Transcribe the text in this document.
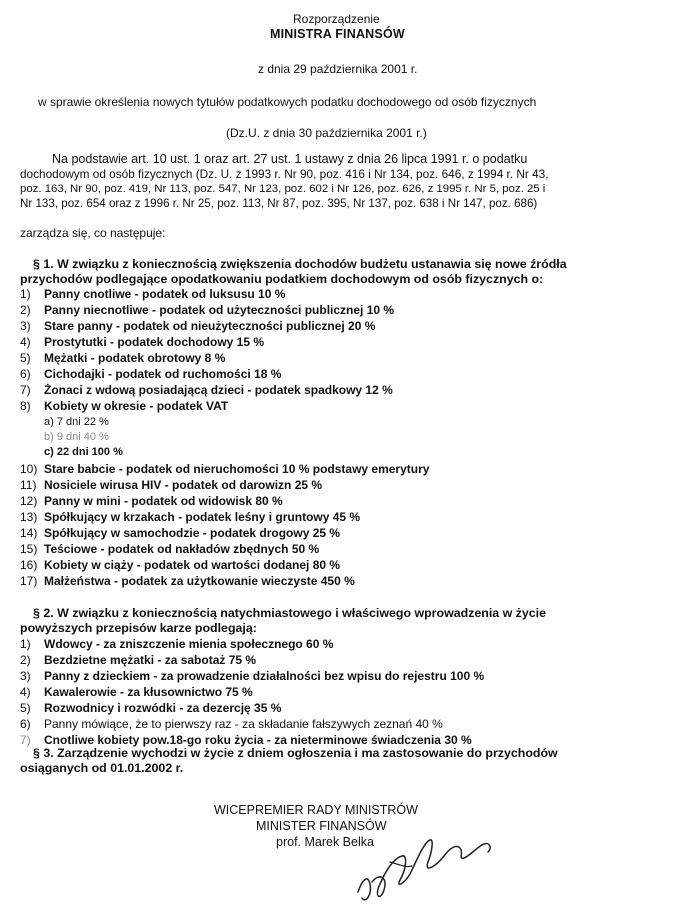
Rozporządzenie
MINISTRA FINANSÓW
z dnia 29 października 2001 r.
w sprawie określenia nowych tytułów podatkowych podatku dochodowego od osób fizycznych
(Dz.U. z dnia 30 października 2001 r.)
Na podstawie art. 10 ust. 1 oraz art. 27 ust. 1 ustawy z dnia 26 lipca 1991 r. o podatku
dochodowym od osób fizycznych (Dz. U. z 1993 r. Nr 90, poz. 416 i Nr 134, poz. 646, z 1994 r. Nr 43,
poz. 163, Nr 90, poz. 419, Nr 113, poz. 547, Nr 123, poz. 602 i Nr 126, poz. 626, z 1995 r. Nr 5, poz. 25 i
Nr 133, poz. 654 oraz z 1996 r. Nr 25, poz. 113, Nr 87, poz. 395, Nr 137, poz. 638 i Nr 147, poz. 686)
zarządza się, co następuje:
§ 1. W związku z koniecznością zwiększenia dochodów budżetu ustanawia się nowe źródła
przychodów podlegające opodatkowaniu podatkiem dochodowym od osób fizycznych o:
1) Panny cnotliwe - podatek od luksusu 10 %
2) Panny niecnotliwe - podatek od użyteczności publicznej 10 %
3) Stare panny - podatek od nieużyteczności publicznej 20 %
4) Prostytutki - podatek dochodowy 15 %
5) Mężatki - podatek obrotowy 8 %
6) Cichodajki - podatek od ruchomości 18 %
7) Żonaci z wdową posiadającą dzieci - podatek spadkowy 12 %
8) Kobiety w okresie - podatek VAT
a) 7 dni 22 %
b) 9 dni 40 %
c) 22 dni 100 %
10) Stare babcie - podatek od nieruchomości 10 % podstawy emerytury
11) Nosiciele wirusa HIV - podatek od darowizn 25 %
12) Panny w mini - podatek od widowisk 80 %
13) Spółkujący w krzakach - podatek leśny i gruntowy 45 %
14) Spółkujący w samochodzie - podatek drogowy 25 %
15) Teściowe - podatek od nakładów zbędnych 50 %
16) Kobiety w ciąży - podatek od wartości dodanej 80 %
17) Małżeństwa - podatek za użytkowanie wieczyste 450 %
§ 2. W związku z koniecznością natychmiastowego i właściwego wprowadzenia w życie
powyższych przepisów karze podlegają:
1) Wdowcy - za zniszczenie mienia społecznego 60 %
2) Bezdzietne mężatki - za sabotaż 75 %
3) Panny z dzieckiem - za prowadzenie działalności bez wpisu do rejestru 100 %
4) Kawalerowie - za kłusownictwo 75 %
5) Rozwodnicy i rozwódki - za dezercję 35 %
6) Panny mówiące, że to pierwszy raz - za składanie fałszywych zeznań 40 %
7) Cnotliwe kobiety pow.18-go roku życia - za nieterminowe świadczenia 30 %
§ 3. Zarządzenie wychodzi w życie z dniem ogłoszenia i ma zastosowanie do przychodów
osiąganych od 01.01.2002 r.
WICEPREMIER RADY MINISTRÓW
MINISTER FINANSÓW
prof. Marek Belka
